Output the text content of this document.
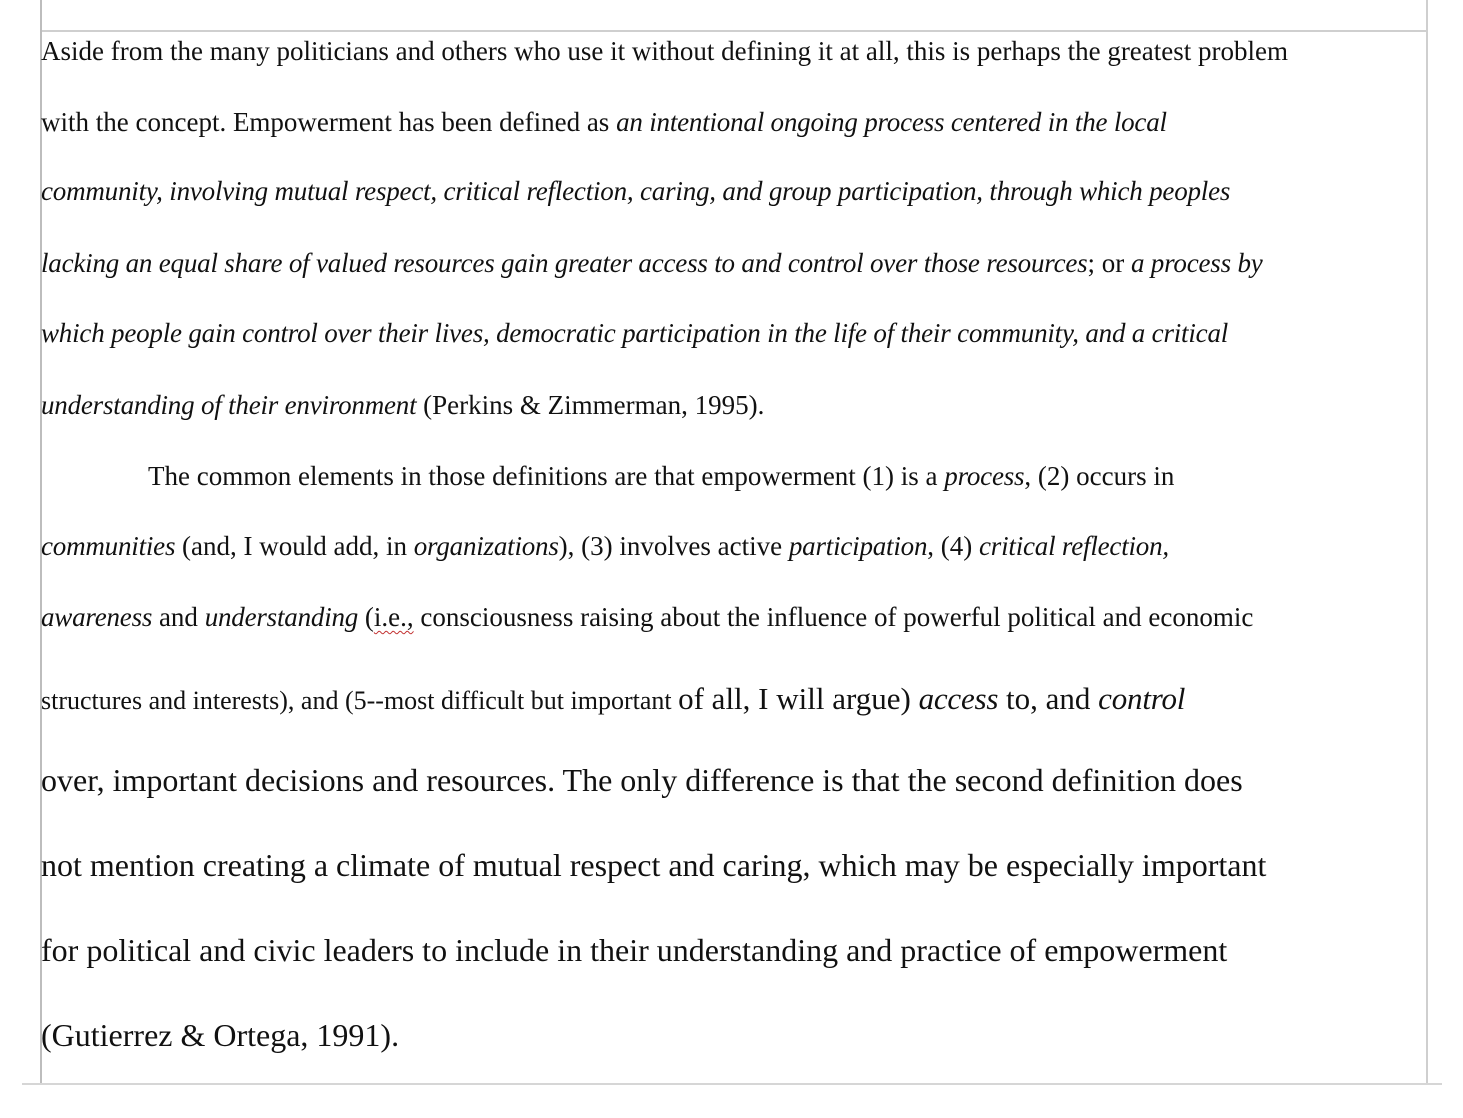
Aside from the many politicians and others who use it without defining it at all, this is perhaps the greatest problem
with the concept. Empowerment has been defined as an intentional ongoing process centered in the local
community, involving mutual respect, critical reflection, caring, and group participation, through which peoples
lacking an equal share of valued resources gain greater access to and control over those resources; or a process by
which people gain control over their lives, democratic participation in the life of their community, and a critical
understanding of their environment (Perkins & Zimmerman, 1995).
The common elements in those definitions are that empowerment (1) is a process, (2) occurs in
communities (and, I would add, in organizations), (3) involves active participation, (4) critical reflection,
awareness and understanding (i.e., consciousness raising about the influence of powerful political and economic
structures and interests), and (5--most difficult but important of all, I will argue) access to, and control
over, important decisions and resources. The only difference is that the second definition does
not mention creating a climate of mutual respect and caring, which may be especially important
for political and civic leaders to include in their understanding and practice of empowerment
(Gutierrez & Ortega, 1991).
